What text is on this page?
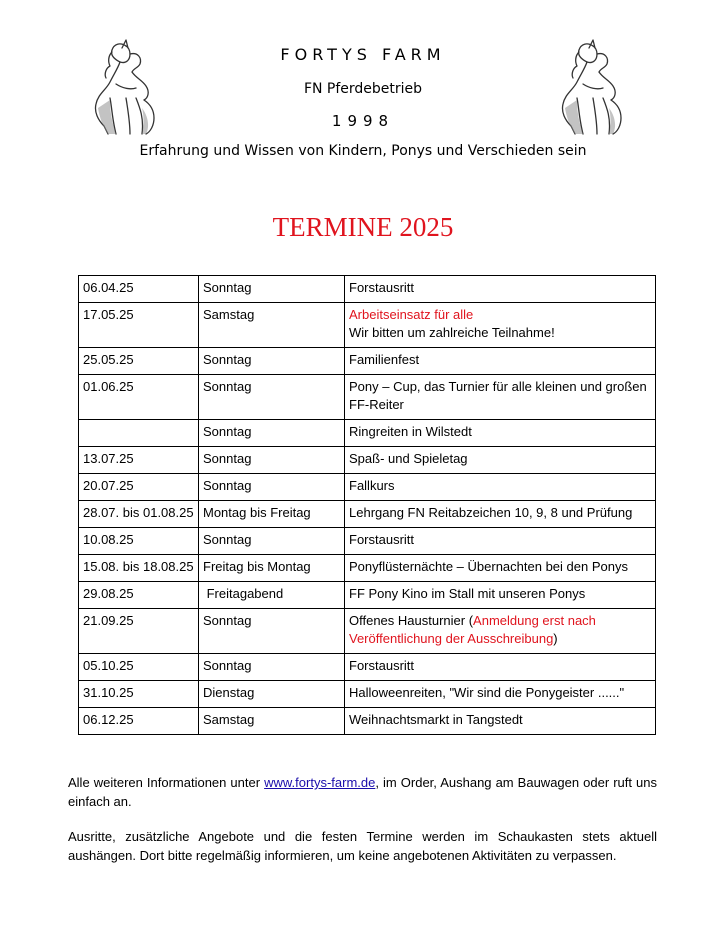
FORTYS FARM
FN Pferdebetrieb
1998
Erfahrung und Wissen von Kindern, Ponys und Verschieden sein
TERMINE 2025
06.04.25	Sonntag	Forstausritt
17.05.25	Samstag	Arbeitseinsatz für alle
Wir bitten um zahlreiche Teilnahme!
25.05.25	Sonntag	Familienfest
01.06.25	Sonntag	Pony – Cup, das Turnier für alle kleinen und großen FF-Reiter
	Sonntag	Ringreiten in Wilstedt
13.07.25	Sonntag	Spaß- und Spieletag
20.07.25	Sonntag	Fallkurs
28.07. bis 01.08.25	Montag bis Freitag	Lehrgang FN Reitabzeichen 10, 9, 8 und Prüfung
10.08.25	Sonntag	Forstausritt
15.08. bis 18.08.25	Freitag bis Montag	Ponyflüsternächte – Übernachten bei den Ponys
29.08.25	Freitagabend	FF Pony Kino im Stall mit unseren Ponys
21.09.25	Sonntag	Offenes Hausturnier (Anmeldung erst nach Veröffentlichung der Ausschreibung)
05.10.25	Sonntag	Forstausritt
31.10.25	Dienstag	Halloweenreiten, "Wir sind die Ponygeister ......"
06.12.25	Samstag	Weihnachtsmarkt in Tangstedt
Alle weiteren Informationen unter www.fortys-farm.de, im Order, Aushang am Bauwagen oder ruft uns einfach an.
Ausritte, zusätzliche Angebote und die festen Termine werden im Schaukasten stets aktuell aushängen. Dort bitte regelmäßig informieren, um keine angebotenen Aktivitäten zu verpassen.
